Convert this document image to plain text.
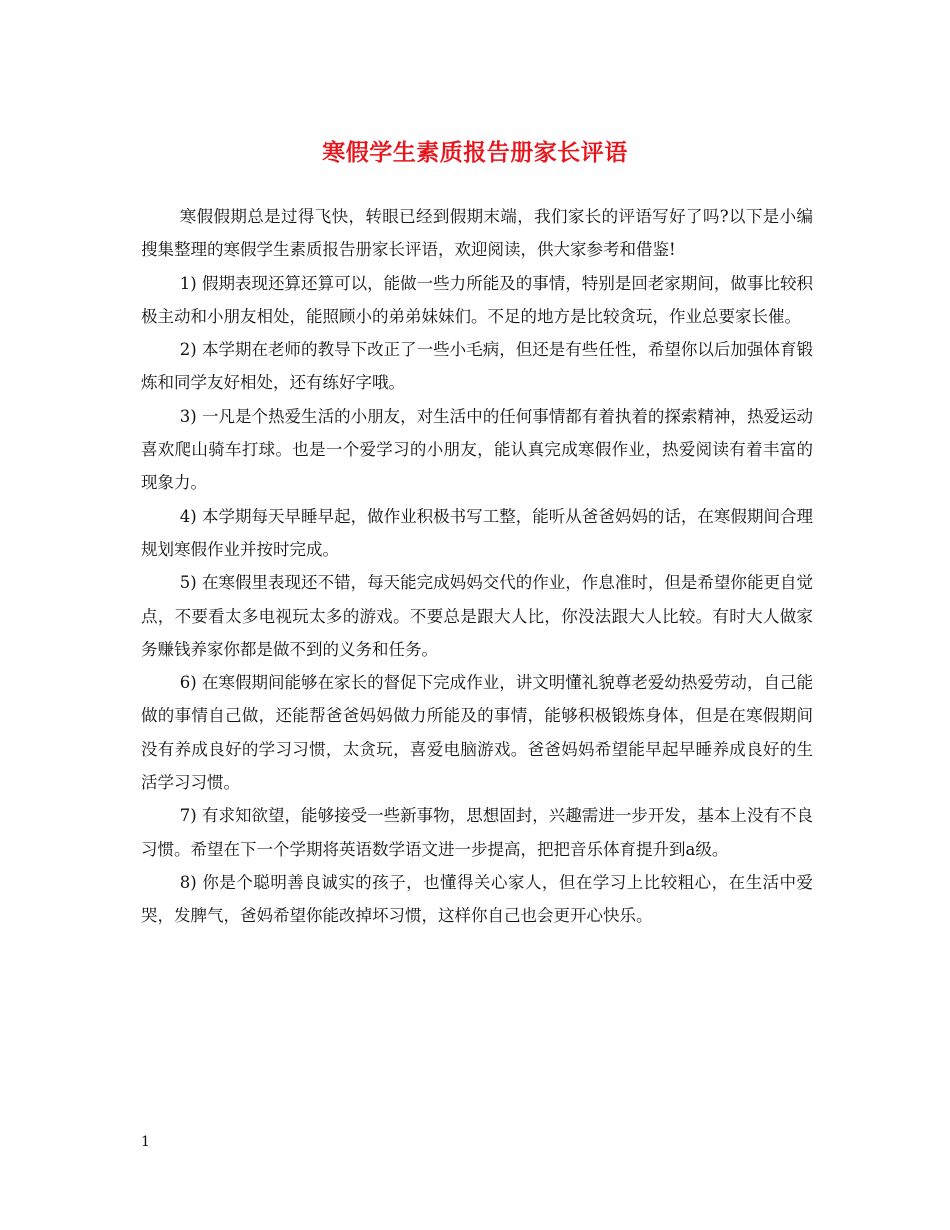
寒假学生素质报告册家长评语

寒假假期总是过得飞快，转眼已经到假期末端，我们家长的评语写好了吗?以下是小编搜集整理的寒假学生素质报告册家长评语，欢迎阅读，供大家参考和借鉴!

1) 假期表现还算还算可以，能做一些力所能及的事情，特别是回老家期间，做事比较积极主动和小朋友相处，能照顾小的弟弟妹妹们。不足的地方是比较贪玩，作业总要家长催。

2) 本学期在老师的教导下改正了一些小毛病，但还是有些任性，希望你以后加强体育锻炼和同学友好相处，还有练好字哦。

3) 一凡是个热爱生活的小朋友，对生活中的任何事情都有着执着的探索精神，热爱运动喜欢爬山骑车打球。也是一个爱学习的小朋友，能认真完成寒假作业，热爱阅读有着丰富的现象力。

4) 本学期每天早睡早起，做作业积极书写工整，能听从爸爸妈妈的话，在寒假期间合理规划寒假作业并按时完成。

5) 在寒假里表现还不错，每天能完成妈妈交代的作业，作息准时，但是希望你能更自觉点，不要看太多电视玩太多的游戏。不要总是跟大人比，你没法跟大人比较。有时大人做家务赚钱养家你都是做不到的义务和任务。

6) 在寒假期间能够在家长的督促下完成作业，讲文明懂礼貌尊老爱幼热爱劳动，自己能做的事情自己做，还能帮爸爸妈妈做力所能及的事情，能够积极锻炼身体，但是在寒假期间没有养成良好的学习习惯，太贪玩，喜爱电脑游戏。爸爸妈妈希望能早起早睡养成良好的生活学习习惯。

7) 有求知欲望，能够接受一些新事物，思想固封，兴趣需进一步开发，基本上没有不良习惯。希望在下一个学期将英语数学语文进一步提高，把把音乐体育提升到a级。

8) 你是个聪明善良诚实的孩子，也懂得关心家人，但在学习上比较粗心，在生活中爱哭，发脾气，爸妈希望你能改掉坏习惯，这样你自己也会更开心快乐。

1
